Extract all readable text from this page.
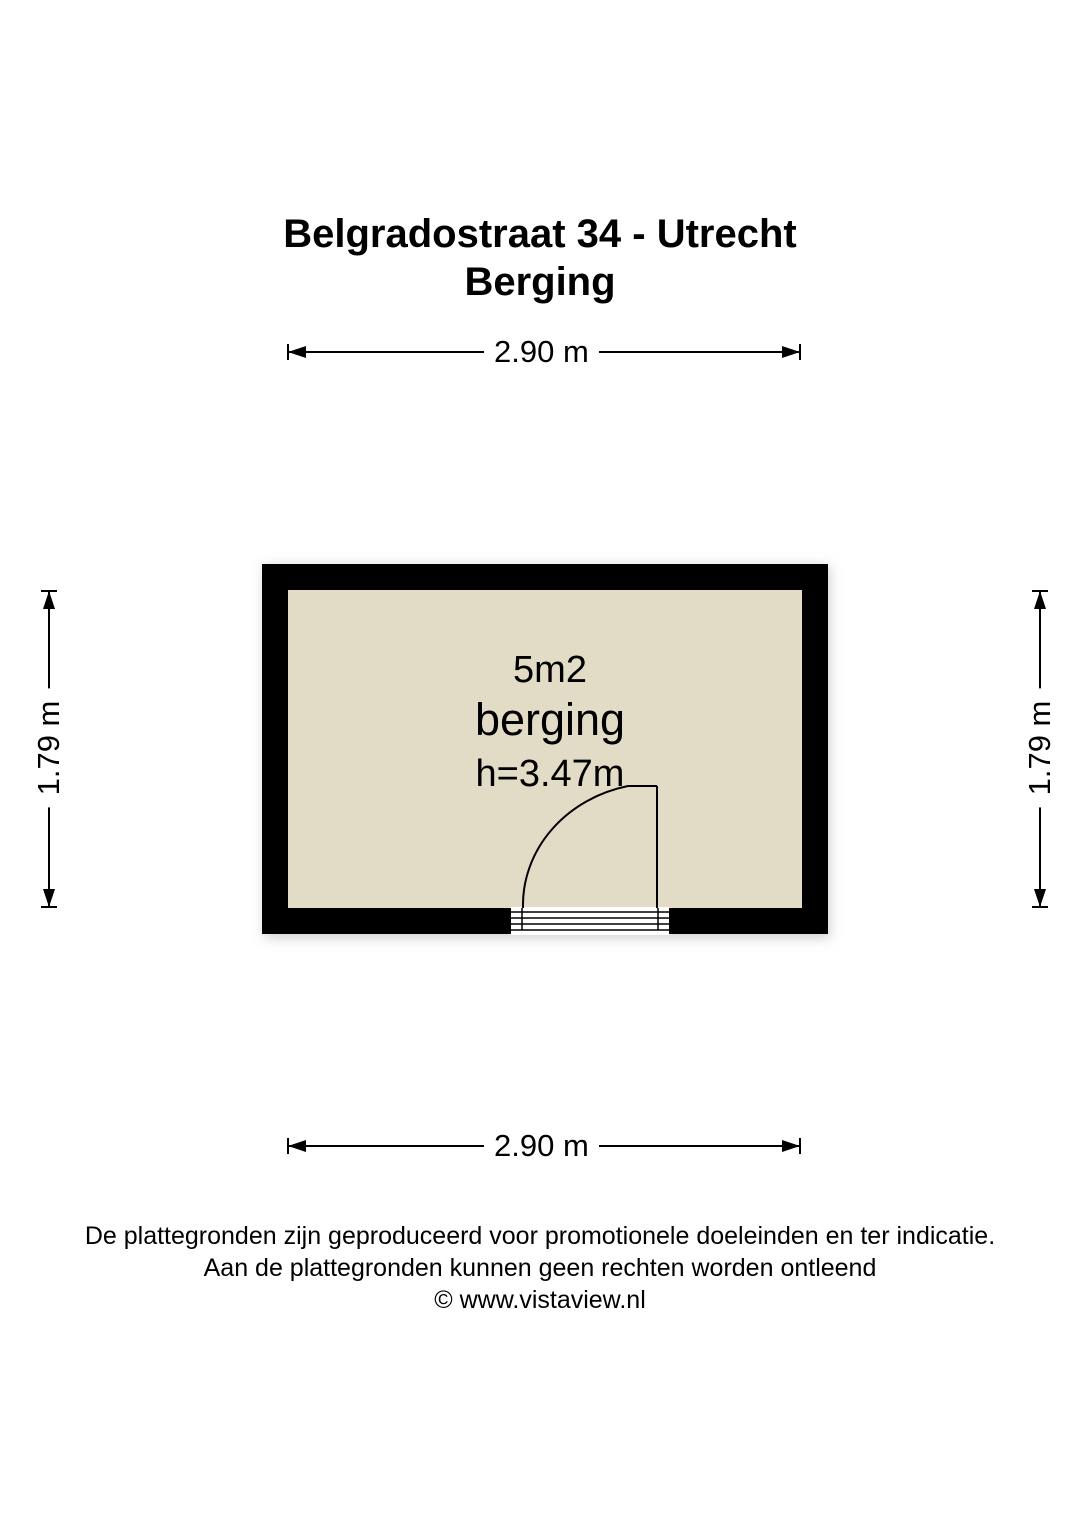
Belgradostraat 34 - Utrecht
Berging
2.90 m
2.90 m
1.79 m	1.79 m
5m2
berging
h=3.47m
De plattegronden zijn geproduceerd voor promotionele doeleinden en ter indicatie.
Aan de plattegronden kunnen geen rechten worden ontleend
© www.vistaview.nl
